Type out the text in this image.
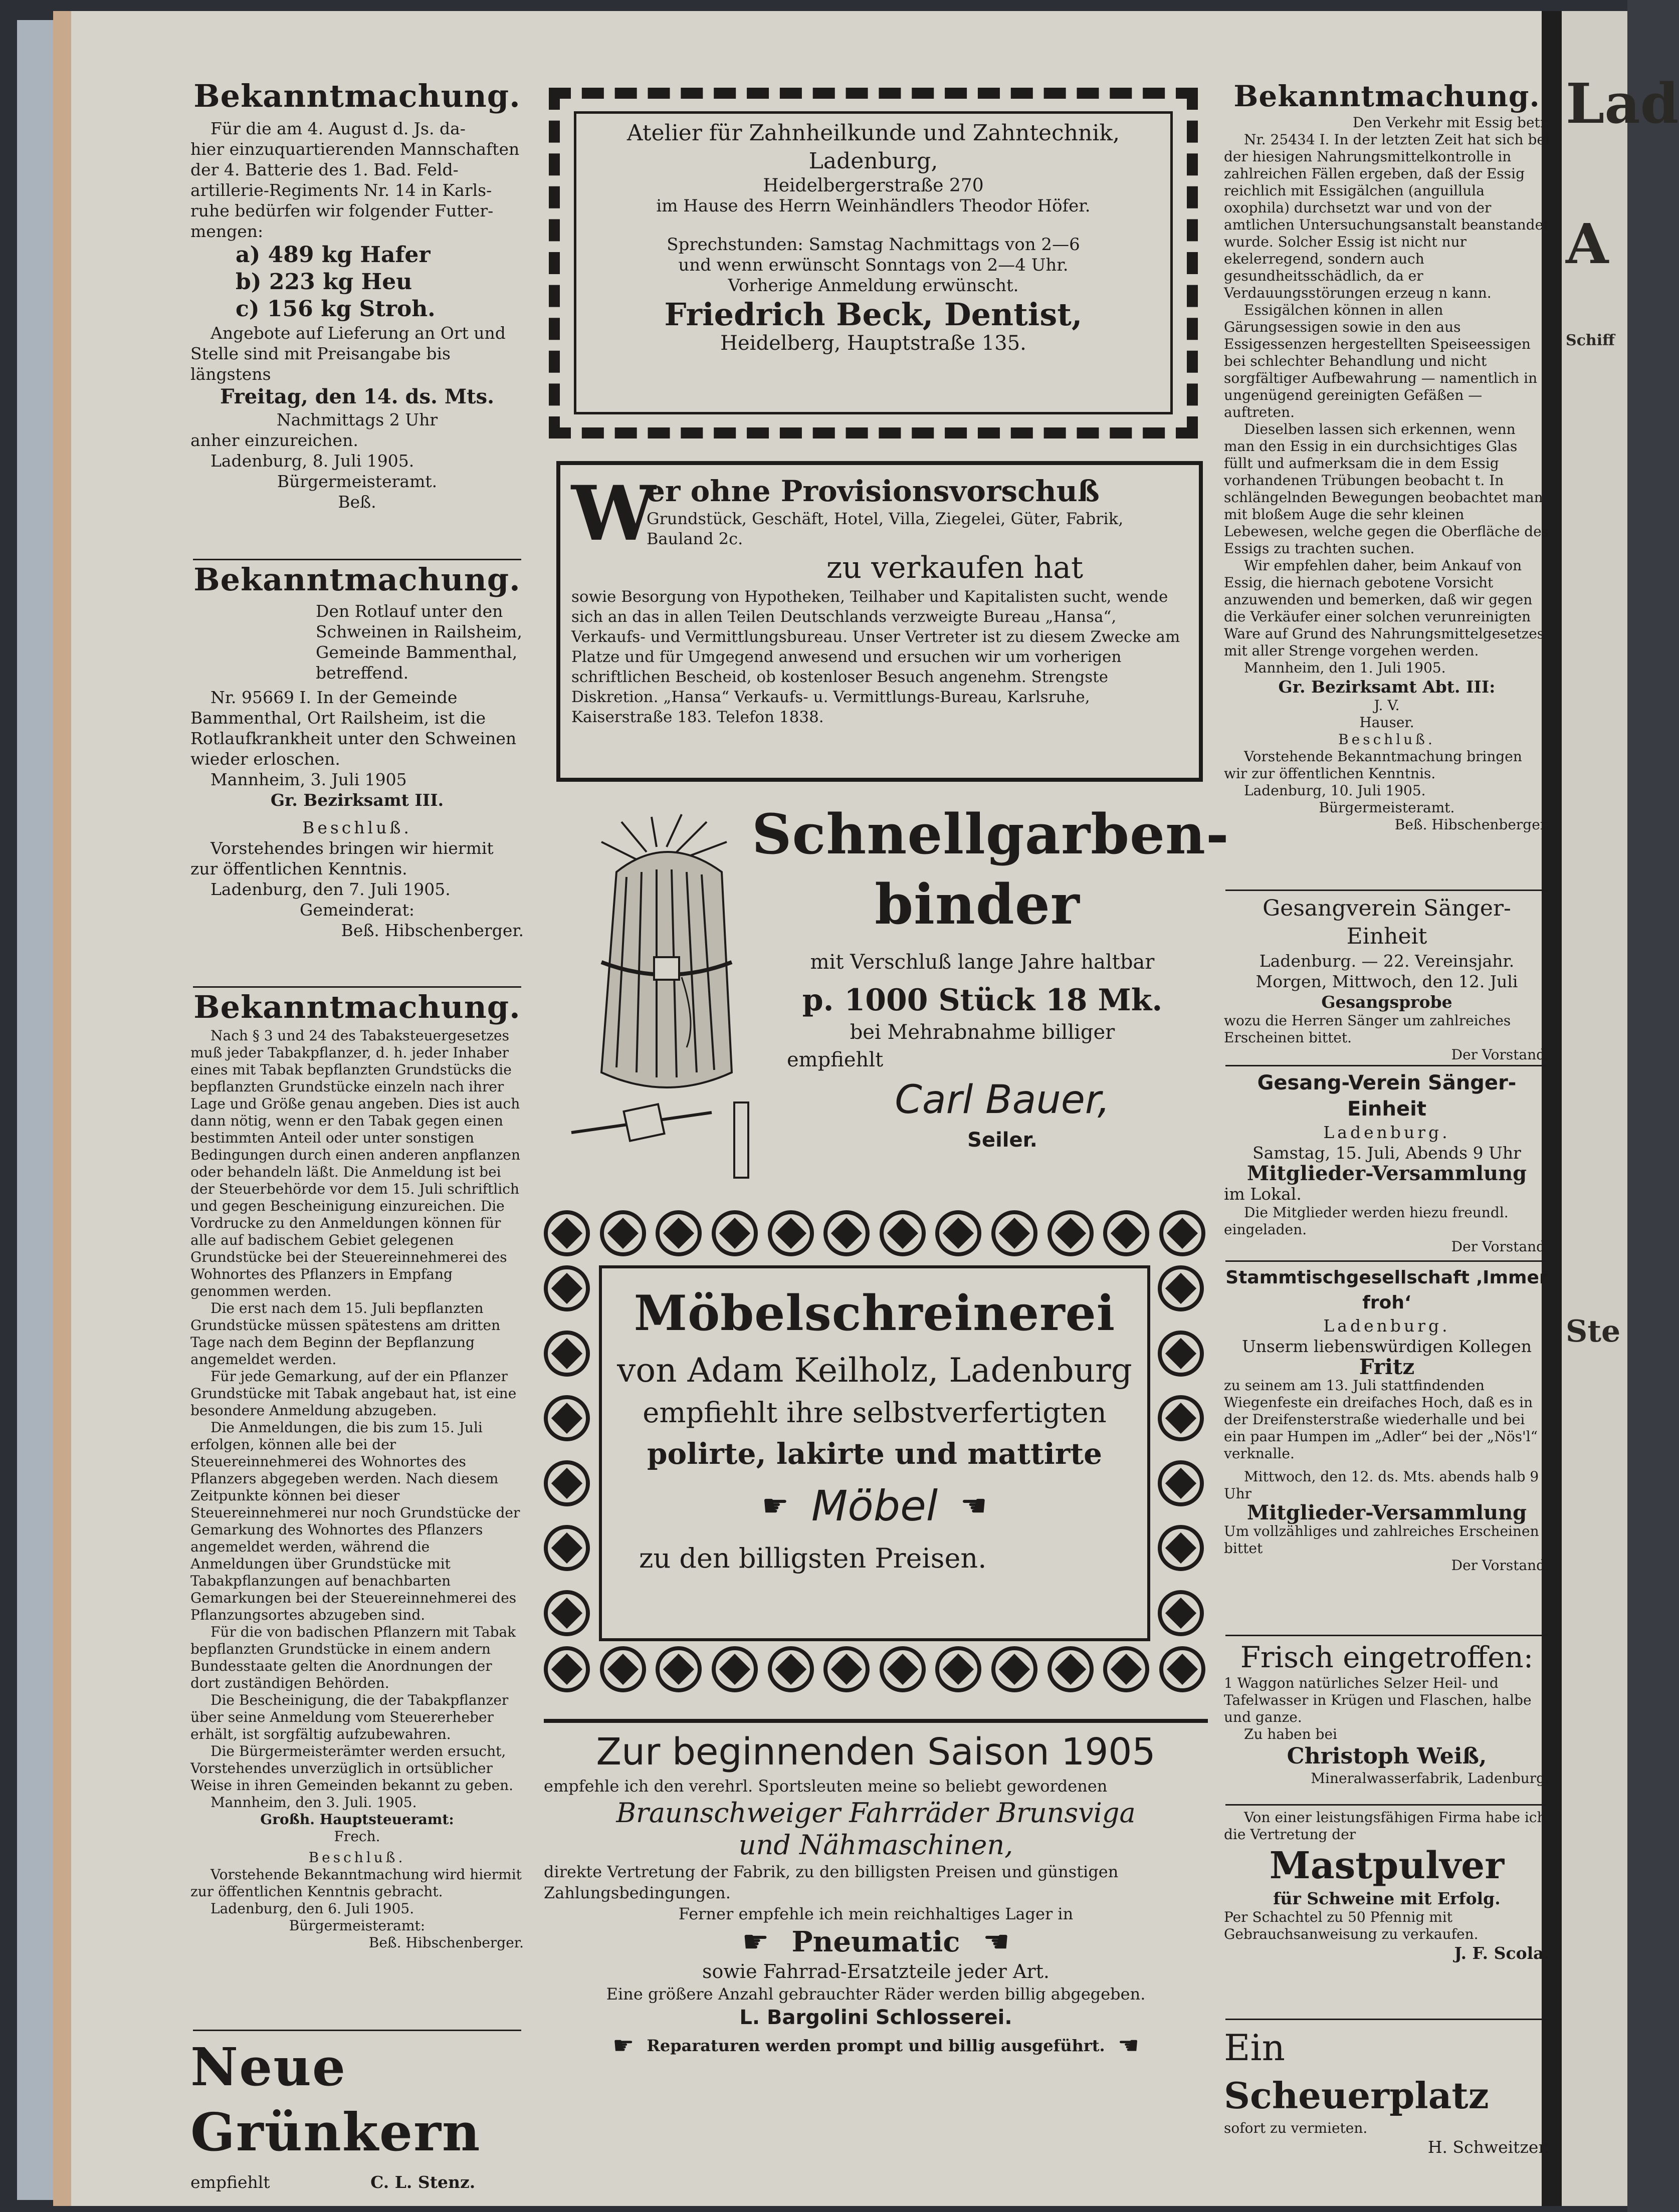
Lad
A
Schiff
Ste
Bekanntmachung.

Für die am 4. August d. Js. da-

hier einzuquartierenden Mannschaften

der 4. Batterie des 1. Bad. Feld-

artillerie-Regiments Nr. 14 in Karls-

ruhe bedürfen wir folgender Futter-

mengen:

a) 489 kg Hafer

b) 223 kg Heu

c) 156 kg Stroh.

Angebote auf Lieferung an Ort und Stelle sind mit Preisangabe bis längstens

Freitag, den 14. ds. Mts.

Nachmittags 2 Uhr

anher einzureichen.

Ladenburg, 8. Juli 1905.

Bürgermeisteramt.

Beß.

Bekanntmachung.

Den Rotlauf unter den Schweinen in Railsheim, Gemeinde Bammenthal, betreffend.

Nr. 95669 I. In der Gemeinde Bammenthal, Ort Railsheim, ist die Rotlaufkrankheit unter den Schweinen wieder erloschen.

Mannheim, 3. Juli 1905

Gr. Bezirksamt III.

Beschluß.

Vorstehendes bringen wir hiermit zur öffentlichen Kenntnis.

Ladenburg, den 7. Juli 1905.

Gemeinderat:

Beß. Hibschenberger.

Bekanntmachung.

Nach § 3 und 24 des Tabaksteuergesetzes muß jeder Tabakpflanzer, d. h. jeder Inhaber eines mit Tabak bepflanzten Grundstücks die bepflanzten Grundstücke einzeln nach ihrer Lage und Größe genau angeben. Dies ist auch dann nötig, wenn er den Tabak gegen einen bestimmten Anteil oder unter sonstigen Bedingungen durch einen anderen anpflanzen oder behandeln läßt. Die Anmeldung ist bei der Steuerbehörde vor dem 15. Juli schriftlich und gegen Bescheinigung einzureichen. Die Vordrucke zu den Anmeldungen können für alle auf badischem Gebiet gelegenen Grundstücke bei der Steuereinnehmerei des Wohnortes des Pflanzers in Empfang genommen werden.

Die erst nach dem 15. Juli bepflanzten Grundstücke müssen spätestens am dritten Tage nach dem Beginn der Bepflanzung angemeldet werden.

Für jede Gemarkung, auf der ein Pflanzer Grundstücke mit Tabak angebaut hat, ist eine besondere Anmeldung abzugeben.

Die Anmeldungen, die bis zum 15. Juli erfolgen, können alle bei der Steuereinnehmerei des Wohnortes des Pflanzers abgegeben werden. Nach diesem Zeitpunkte können bei dieser Steuereinnehmerei nur noch Grundstücke der Gemarkung des Wohnortes des Pflanzers angemeldet werden, während die Anmeldungen über Grundstücke mit Tabakpflanzungen auf benachbarten Gemarkungen bei der Steuereinnehmerei des Pflanzungsortes abzugeben sind.

Für die von badischen Pflanzern mit Tabak bepflanzten Grundstücke in einem andern Bundesstaate gelten die Anordnungen der dort zuständigen Behörden.

Die Bescheinigung, die der Tabakpflanzer über seine Anmeldung vom Steuererheber erhält, ist sorgfältig aufzubewahren.

Die Bürgermeisterämter werden ersucht, Vorstehendes unverzüglich in ortsüblicher Weise in ihren Gemeinden bekannt zu geben.

Mannheim, den 3. Juli. 1905.

Großh. Hauptsteueramt:

Frech.

Beschluß.

Vorstehende Bekanntmachung wird hiermit zur öffentlichen Kenntnis gebracht.

Ladenburg, den 6. Juli 1905.

Bürgermeisteramt:

Beß. Hibschenberger.

Neue Grünkern

empfiehlt	C. L. Stenz.

Atelier für Zahnheilkunde und Zahntechnik, Ladenburg,

Heidelbergerstraße 270

im Hause des Herrn Weinhändlers Theodor Höfer.

Sprechstunden: Samstag Nachmittags von 2—6

und wenn erwünscht Sonntags von 2—4 Uhr.

Vorherige Anmeldung erwünscht.

Friedrich Beck, Dentist,

Heidelberg, Hauptstraße 135.

W

er ohne Provisionsvorschuß

Grundstück, Geschäft, Hotel, Villa, Ziegelei, Güter, Fabrik, Bauland 2c.

zu verkaufen hat

sowie Besorgung von Hypotheken, Teilhaber und Kapitalisten sucht, wende sich an das in allen Teilen Deutschlands verzweigte Bureau „Hansa“, Verkaufs- und Vermittlungsbureau. Unser Vertreter ist zu diesem Zwecke am Platze und für Umgegend anwesend und ersuchen wir um vorherigen schriftlichen Bescheid, ob kostenloser Besuch angenehm. Strengste Diskretion. „Hansa“ Verkaufs- u. Vermittlungs-Bureau, Karlsruhe, Kaiserstraße 183. Telefon 1838.

Schnellgarben-
binder

mit Verschluß lange Jahre haltbar

p. 1000 Stück 18 Mk.

bei Mehrabnahme billiger

empfiehlt

Carl Bauer,

Seiler.

Möbelschreinerei

von Adam Keilholz, Ladenburg

empfiehlt ihre selbstverfertigten

polirte, lakirte und mattirte

☛ Möbel ☛

zu den billigsten Preisen.

Zur beginnenden Saison 1905

empfehle ich den verehrl. Sportsleuten meine so beliebt gewordenen

Braunschweiger Fahrräder Brunsviga

und Nähmaschinen,

direkte Vertretung der Fabrik, zu den billigsten Preisen und günstigen Zahlungsbedingungen.

Ferner empfehle ich mein reichhaltiges Lager in

☛ Pneumatic ☛

sowie Fahrrad-Ersatzteile jeder Art.

Eine größere Anzahl gebrauchter Räder werden billig abgegeben.

L. Bargolini Schlosserei.

☛ Reparaturen werden prompt und billig ausgeführt. ☛
Bekanntmachung.

Den Verkehr mit Essig betr.

Nr. 25434 I. In der letzten Zeit hat sich bei der hiesigen Nahrungsmittelkontrolle in zahlreichen Fällen ergeben, daß der Essig reichlich mit Essigälchen (anguillula oxophila) durchsetzt war und von der amtlichen Untersuchungsanstalt beanstandet wurde. Solcher Essig ist nicht nur ekelerregend, sondern auch gesundheitsschädlich, da er Verdauungsstörungen erzeug n kann.

Essigälchen können in allen Gärungsessigen sowie in den aus Essigessenzen hergestellten Speiseessigen bei schlechter Behandlung und nicht sorgfältiger Aufbewahrung — namentlich in ungenügend gereinigten Gefäßen — auftreten.

Dieselben lassen sich erkennen, wenn man den Essig in ein durchsichtiges Glas füllt und aufmerksam die in dem Essig vorhandenen Trübungen beobacht t. In schlängelnden Bewegungen beobachtet man mit bloßem Auge die sehr kleinen Lebewesen, welche gegen die Oberfläche des Essigs zu trachten suchen.

Wir empfehlen daher, beim Ankauf von Essig, die hiernach gebotene Vorsicht anzuwenden und bemerken, daß wir gegen die Verkäufer einer solchen verunreinigten Ware auf Grund des Nahrungsmittelgesetzes mit aller Strenge vorgehen werden.

Mannheim, den 1. Juli 1905.

Gr. Bezirksamt Abt. III:

J. V.

Hauser.

Beschluß.

Vorstehende Bekanntmachung bringen wir zur öffentlichen Kenntnis.

Ladenburg, 10. Juli 1905.

Bürgermeisteramt.

Beß. Hibschenberger.

Gesangverein Sänger-Einheit

Ladenburg. — 22. Vereinsjahr.

Morgen, Mittwoch, den 12. Juli

Gesangsprobe

wozu die Herren Sänger um zahlreiches Erscheinen bittet.

Der Vorstand.

Gesang-Verein Sänger-Einheit

Ladenburg.

Samstag, 15. Juli, Abends 9 Uhr

Mitglieder-Versammlung

im Lokal.

Die Mitglieder werden hiezu freundl. eingeladen.

Der Vorstand.

Stammtischgesellschaft ‚Immer froh‘

Ladenburg.

Unserm liebenswürdigen Kollegen

Fritz

zu seinem am 13. Juli stattfindenden Wiegenfeste ein dreifaches Hoch, daß es in der Dreifensterstraße wiederhalle und bei ein paar Humpen im „Adler“ bei der „Nös'l“ verknalle.

Mittwoch, den 12. ds. Mts. abends halb 9 Uhr

Mitglieder-Versammlung

Um vollzähliges und zahlreiches Erscheinen bittet

Der Vorstand.

Frisch eingetroffen:

1 Waggon natürliches Selzer Heil- und Tafelwasser in Krügen und Flaschen, halbe und ganze.

Zu haben bei

Christoph Weiß,

Mineralwasserfabrik, Ladenburg.

Von einer leistungsfähigen Firma habe ich die Vertretung der

Mastpulver

für Schweine mit Erfolg.

Per Schachtel zu 50 Pfennig mit Gebrauchsanweisung zu verkaufen.

J. F. Scola.

Ein Scheuerplatz

sofort zu vermieten.

H. Schweitzer.
